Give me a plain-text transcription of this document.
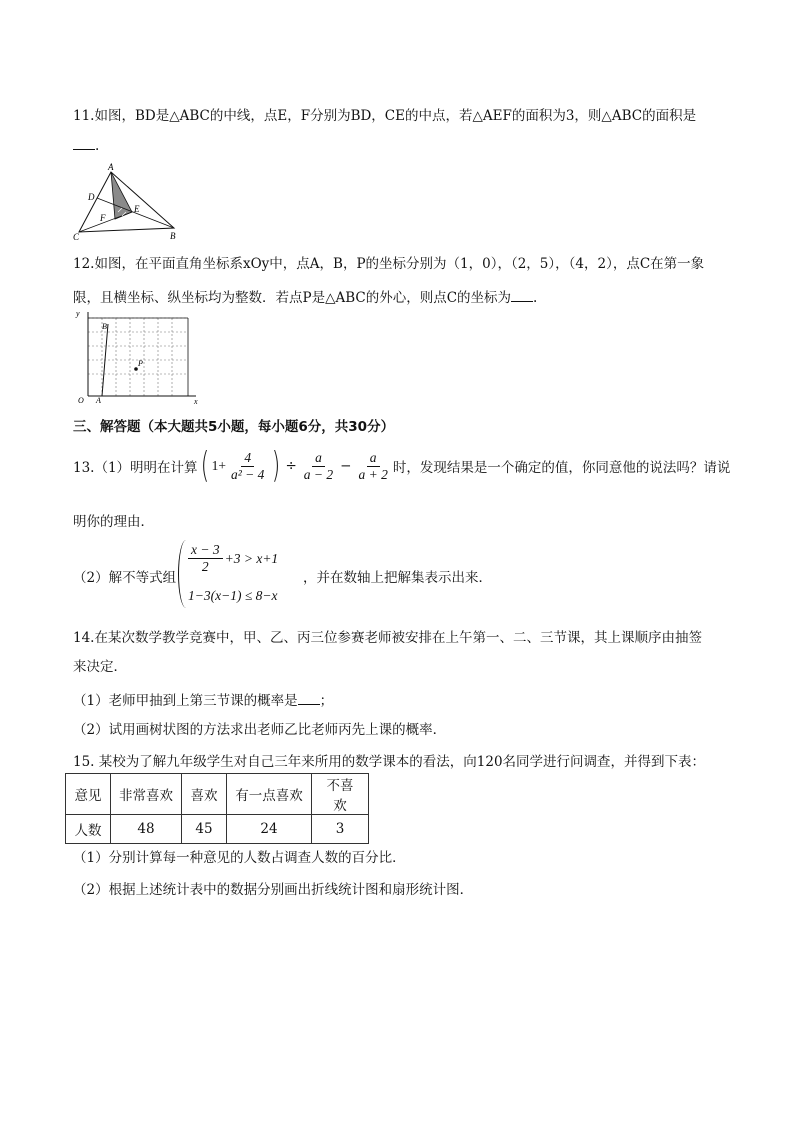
11.如图，BD是△ABC的中线，点E，F分别为BD，CE的中点，若△AEF的面积为3，则△ABC的面积是
.
A
D
E
F
C	B
12.如图，在平面直角坐标系xOy中，点A，B，P的坐标分别为（1，0），（2，5），（4，2），点C在第一象
限，且横坐标、纵坐标均为整数．若点P是△ABC的外心，则点C的坐标为 .
y
x
O A
B
P
三、解答题（本大题共5小题，每小题6分，共30分）
13.（1）明明在计算 ( $1+ \frac{4}{\text{a² − 4}}$ ) ÷ $\frac{a}{a - 2} - \frac{a}{a + 2}$ 时，发现结果是一个确定的值，你同意他的说法吗？请说
明你的理由．
（2）解不等式组
$\frac{x - 3}{2} +3 > x+1$
1−3(x−1) ≤ 8−x
，并在数轴上把解集表示出来．
14.在某次数学教学竞赛中，甲、乙、丙三位参赛老师被安排在上午第一、二、三节课，其上课顺序由抽签
来决定．
（1）老师甲抽到上第三节课的概率是 ；
（2）试用画树状图的方法求出老师乙比老师丙先上课的概率．
15. 某校为了解九年级学生对自己三年来所用的数学课本的看法，向120名同学进行问调查，并得到下表：
意见	非常喜欢	喜欢	有一点喜欢	不喜欢
人数	48	45	24	3
（1）分别计算每一种意见的人数占调查人数的百分比．
（2）根据上述统计表中的数据分别画出折线统计图和扇形统计图．
